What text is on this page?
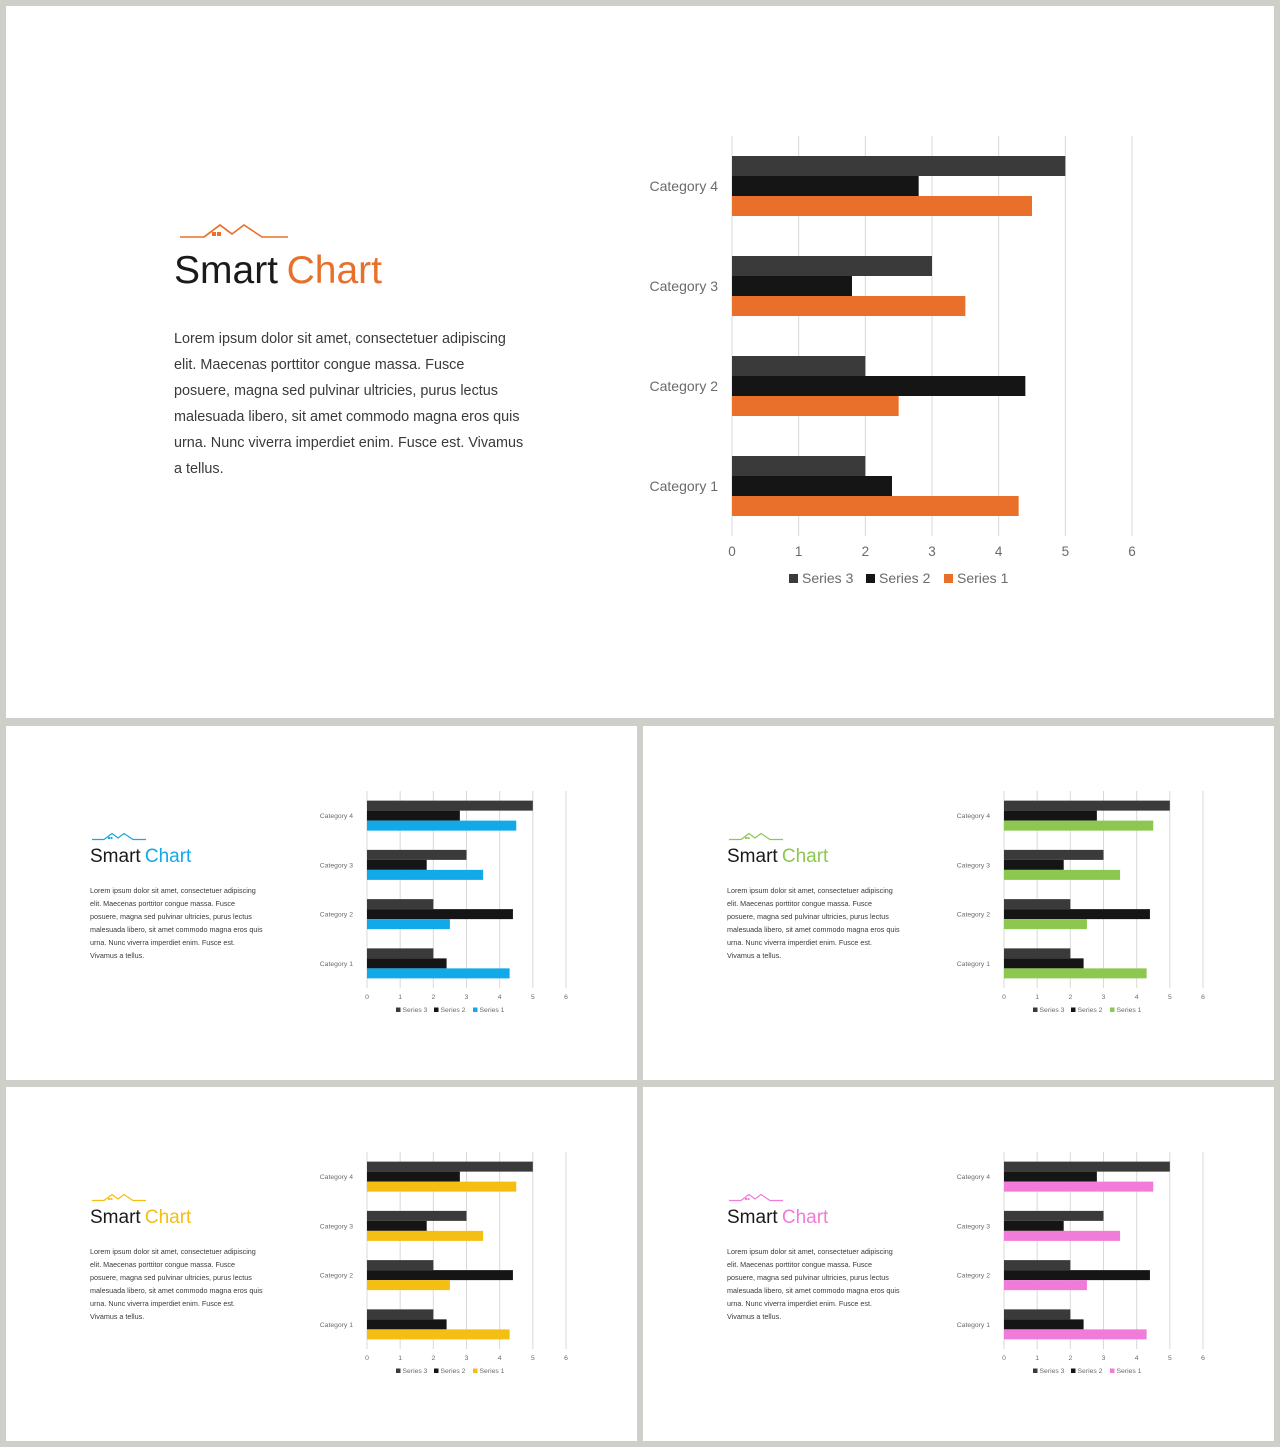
Smart Chart
Lorem ipsum dolor sit amet, consectetuer adipiscing elit. Maecenas porttitor congue massa. Fusce posuere, magna sed pulvinar ultricies, purus lectus malesuada libero, sit amet commodo magna eros quis urna. Nunc viverra imperdiet enim. Fusce est. Vivamus a tellus.
0	1	2	3	4	5	6
Category 1
Category 2
Category 3
Category 4
Series 3 Series 2 Series 1
Smart Chart
Lorem ipsum dolor sit amet, consectetuer adipiscing elit. Maecenas porttitor congue massa. Fusce posuere, magna sed pulvinar ultricies, purus lectus malesuada libero, sit amet commodo magna eros quis urna. Nunc viverra imperdiet enim. Fusce est. Vivamus a tellus.
0	1	2	3	4	5	6
Category 1
Category 2
Category 3
Category 4
Series 3 Series 2 Series 1
Smart Chart
Lorem ipsum dolor sit amet, consectetuer adipiscing elit. Maecenas porttitor congue massa. Fusce posuere, magna sed pulvinar ultricies, purus lectus malesuada libero, sit amet commodo magna eros quis urna. Nunc viverra imperdiet enim. Fusce est. Vivamus a tellus.
0	1	2	3	4	5	6
Category 1
Category 2
Category 3
Category 4
Series 3 Series 2 Series 1
Smart Chart
Lorem ipsum dolor sit amet, consectetuer adipiscing elit. Maecenas porttitor congue massa. Fusce posuere, magna sed pulvinar ultricies, purus lectus malesuada libero, sit amet commodo magna eros quis urna. Nunc viverra imperdiet enim. Fusce est. Vivamus a tellus.
0	1	2	3	4	5	6
Category 1
Category 2
Category 3
Category 4
Series 3 Series 2 Series 1
Smart Chart
Lorem ipsum dolor sit amet, consectetuer adipiscing elit. Maecenas porttitor congue massa. Fusce posuere, magna sed pulvinar ultricies, purus lectus malesuada libero, sit amet commodo magna eros quis urna. Nunc viverra imperdiet enim. Fusce est. Vivamus a tellus.
0	1	2	3	4	5	6
Category 1
Category 2
Category 3
Category 4
Series 3 Series 2 Series 1
